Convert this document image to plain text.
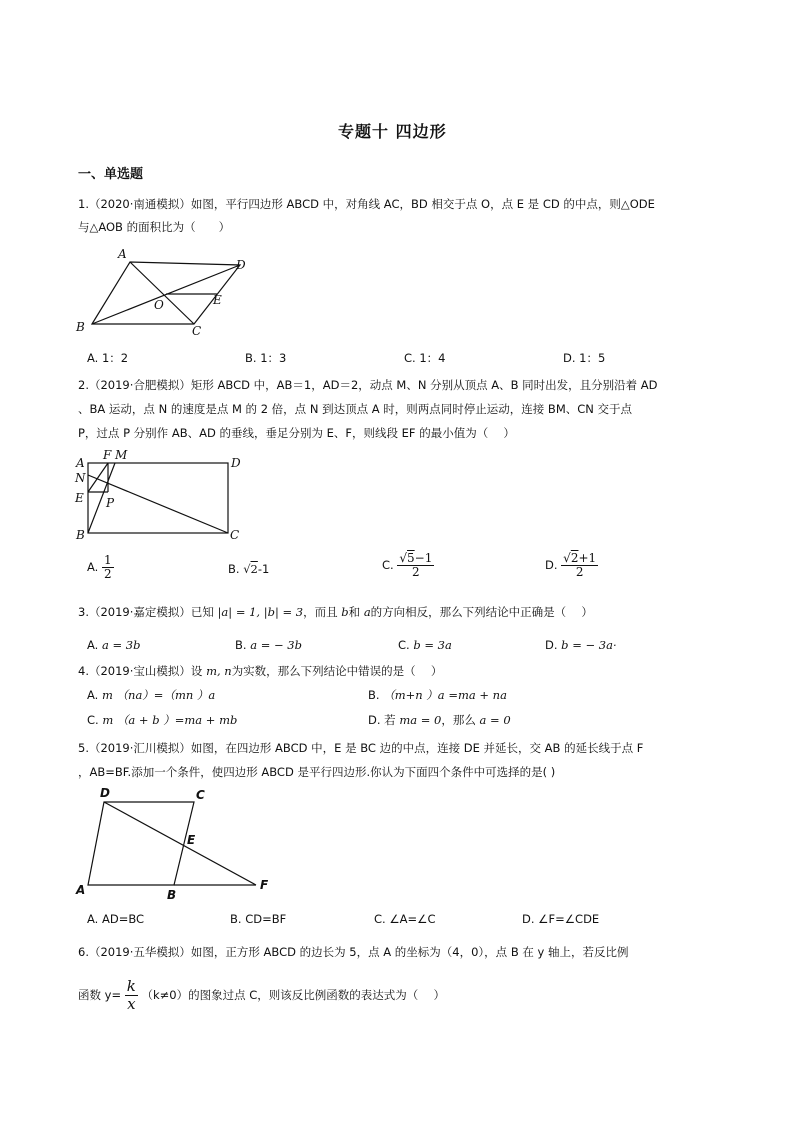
专题十 四边形
一、单选题
1.（2020·南通模拟）如图，平行四边形 ABCD 中，对角线 AC，BD 相交于点 O，点 E 是 CD 的中点，则△ODE
与△AOB 的面积比为（　　）
A
D
E
O
B	C
A. 1：2	B. 1：3	C. 1：4	D. 1：5
2.（2019·合肥模拟）矩形 ABCD 中，AB＝1，AD＝2，动点 M、N 分别从顶点 A、B 同时出发，且分别沿着 AD
、BA 运动，点 N 的速度是点 M 的 2 倍，点 N 到达顶点 A 时，则两点同时停止运动，连接 BM、CN 交于点
P，过点 P 分别作 AB、AD 的垂线，垂足分别为 E、F，则线段 EF 的最小值为（　 ）
A
F M
D
N
E P
B	C
A. $\frac{1}{2}$	B. √2-1	C. $\frac{√5-1}{2}$	D. $\frac{√2+1}{2}$
3.（2019·嘉定模拟）已知 |a| = 1, |b| = 3，而且 b和 a的方向相反，那么下列结论中正确是（　 ）
A. a = 3b	B. a = − 3b	C. b = 3a	D. b = − 3a·
4.（2019·宝山模拟）设 m, n为实数，那么下列结论中错误的是（　 ）
A. m （na）=（mn ）a	B. （m+n ）a =ma + na
C. m （a + b ）=ma + mb	D. 若 ma = 0，那么 a = 0
5.（2019·汇川模拟）如图，在四边形 ABCD 中，E 是 BC 边的中点，连接 DE 并延长，交 AB 的延长线于点 F
，AB=BF.添加一个条件，使四边形 ABCD 是平行四边形.你认为下面四个条件中可选择的是( )
D	C
E
A	B
F
A. AD=BC	B. CD=BF	C. ∠A=∠C	D. ∠F=∠CDE
6.（2019·五华模拟）如图，正方形 ABCD 的边长为 5，点 A 的坐标为（4，0），点 B 在 y 轴上，若反比例
函数 $y= \frac{k}{x} (k\ne 0)$的图象过点 C，则该反比例函数的表达式为（　 ）
